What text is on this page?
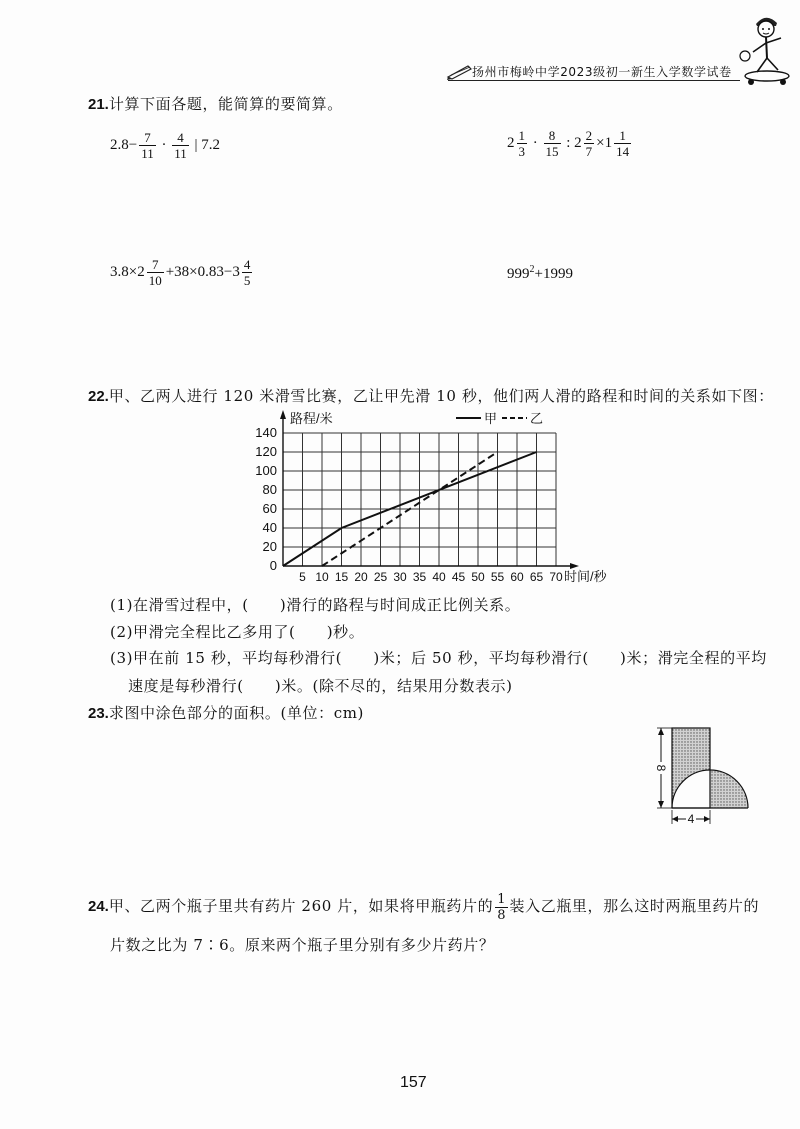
扬州市梅岭中学2023级初一新生入学数学试卷
21.计算下面各题，能简算的要简算。
$2.8- \frac{7}{11} \cdot \frac{4}{11}$ | 7.2	$2 \frac{1}{3} \cdot \frac{8}{15}$ : $2 \frac{2}{7} \times 1 \frac{1}{14}$
$3.8\times 2 \frac{7}{10} +38\times 0.83-3 \frac{4}{5}$	$999^2+1999$
22.甲、乙两人进行 120 米滑雪比赛，乙让甲先滑 10 秒，他们两人滑的路程和时间的关系如下图：
0
20
40
60
80
100
120
140
5 10 15 20 25 30 35 40 45 50 55 60 65 70
路程/米
时间/秒
甲	乙
(1)在滑雪过程中，(　　)滑行的路程与时间成正比例关系。
(2)甲滑完全程比乙多用了(　　)秒。
(3)甲在前 15 秒，平均每秒滑行(　　)米；后 50 秒，平均每秒滑行(　　)米；滑完全程的平均
速度是每秒滑行(　　)米。(除不尽的，结果用分数表示)
23.求图中涂色部分的面积。(单位：cm)
8
4
24.甲、乙两个瓶子里共有药片 260 片，如果将甲瓶药片的 $\frac{1}{8}$ 装入乙瓶里，那么这时两瓶里药片的
片数之比为 7∶6。原来两个瓶子里分别有多少片药片？
157
